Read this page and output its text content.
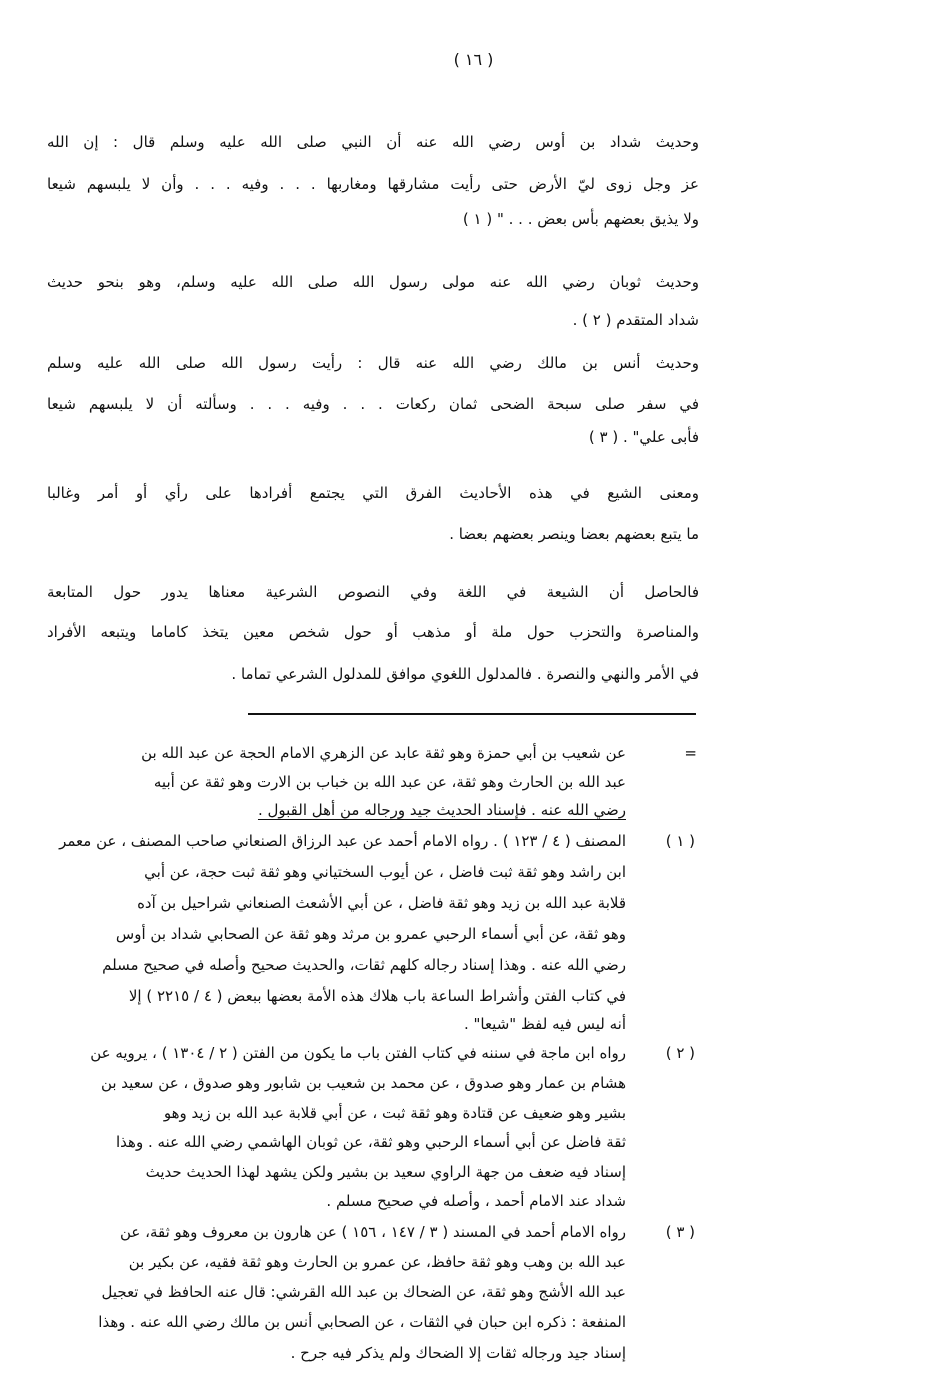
( ١٦ )
وحديث شداد بن أوس رضي الله عنه أن النبي صلى الله عليه وسلم قال : إن الله
عز وجل زوى ليّ الأرض حتى رأيت مشارقها ومغاربها . . . وفيه . . . وأن لا يلبسهم شيعا
ولا يذيق بعضهم بأس بعض . . . " ( ١ )
وحديث ثوبان رضي الله عنه مولى رسول الله صلى الله عليه وسلم، وهو بنحو حديث
شداد المتقدم ( ٢ ) .
وحديث أنس بن مالك رضي الله عنه قال : رأيت رسول الله صلى الله عليه وسلم
في سفر صلى سبحة الضحى ثمان ركعات . . . وفيه . . . وسألته أن لا يلبسهم شيعا
فأبى علي" . ( ٣ )
ومعنى الشيع في هذه الأحاديث الفرق التي يجتمع أفرادها على رأي أو أمر وغالبا
ما يتبع بعضهم بعضا وينصر بعضهم بعضا .
فالحاصل أن الشيعة في اللغة وفي النصوص الشرعية معناها يدور حول المتابعة
والمناصرة والتحزب حول ملة أو مذهب أو حول شخص معين يتخذ كاماما ويتبعه الأفراد
في الأمر والنهي والنصرة . فالمدلول اللغوي موافق للمدلول الشرعي تماما .
=
عن شعيب بن أبي حمزة وهو ثقة عابد عن الزهري الامام الحجة عن عبد الله بن
عبد الله بن الحارث وهو ثقة، عن عبد الله بن خباب بن الارت وهو ثقة عن أبيه
رضي الله عنه . فإسناد الحديث جيد ورجاله من أهل القبول .
( ١ )
المصنف ( ٤ / ١٢٣ ) . رواه الامام أحمد عن عبد الرزاق الصنعاني صاحب المصنف ، عن معمر
ابن راشد وهو ثقة ثبت فاضل ، عن أيوب السختياني وهو ثقة ثبت حجة، عن أبي
قلابة عبد الله بن زيد وهو ثقة فاضل ، عن أبي الأشعث الصنعاني شراحيل بن آده
وهو ثقة، عن أبي أسماء الرحبي عمرو بن مرثد وهو ثقة عن الصحابي شداد بن أوس
رضي الله عنه . وهذا إسناد رجاله كلهم ثقات، والحديث صحيح وأصله في صحيح مسلم
في كتاب الفتن وأشراط الساعة باب هلاك هذه الأمة بعضها ببعض ( ٤ / ٢٢١٥ ) إلا
أنه ليس فيه لفظ "شيعا" .
( ٢ )
رواه ابن ماجة في سننه في كتاب الفتن باب ما يكون من الفتن ( ٢ / ١٣٠٤ ) ، يرويه عن
هشام بن عمار وهو صدوق ، عن محمد بن شعيب بن شابور وهو صدوق ، عن سعيد بن
بشير وهو ضعيف عن قتادة وهو ثقة ثبت ، عن أبي قلابة عبد الله بن زيد وهو
ثقة فاضل عن أبي أسماء الرحبي وهو ثقة، عن ثوبان الهاشمي رضي الله عنه . وهذا
إسناد فيه ضعف من جهة الراوي سعيد بن بشير ولكن يشهد لهذا الحديث حديث
شداد عند الامام أحمد ، وأصله في صحيح مسلم .
( ٣ )
رواه الامام أحمد في المسند ( ٣ / ١٤٧ ، ١٥٦ ) عن هارون بن معروف وهو ثقة، عن
عبد الله بن وهب وهو ثقة حافظ، عن عمرو بن الحارث وهو ثقة فقيه، عن بكير بن
عبد الله الأشج وهو ثقة، عن الضحاك بن عبد الله القرشي: قال عنه الحافظ في تعجيل
المنفعة : ذكره ابن حبان في الثقات ، عن الصحابي أنس بن مالك رضي الله عنه . وهذا
إسناد جيد ورجاله ثقات إلا الضحاك ولم يذكر فيه جرح .
